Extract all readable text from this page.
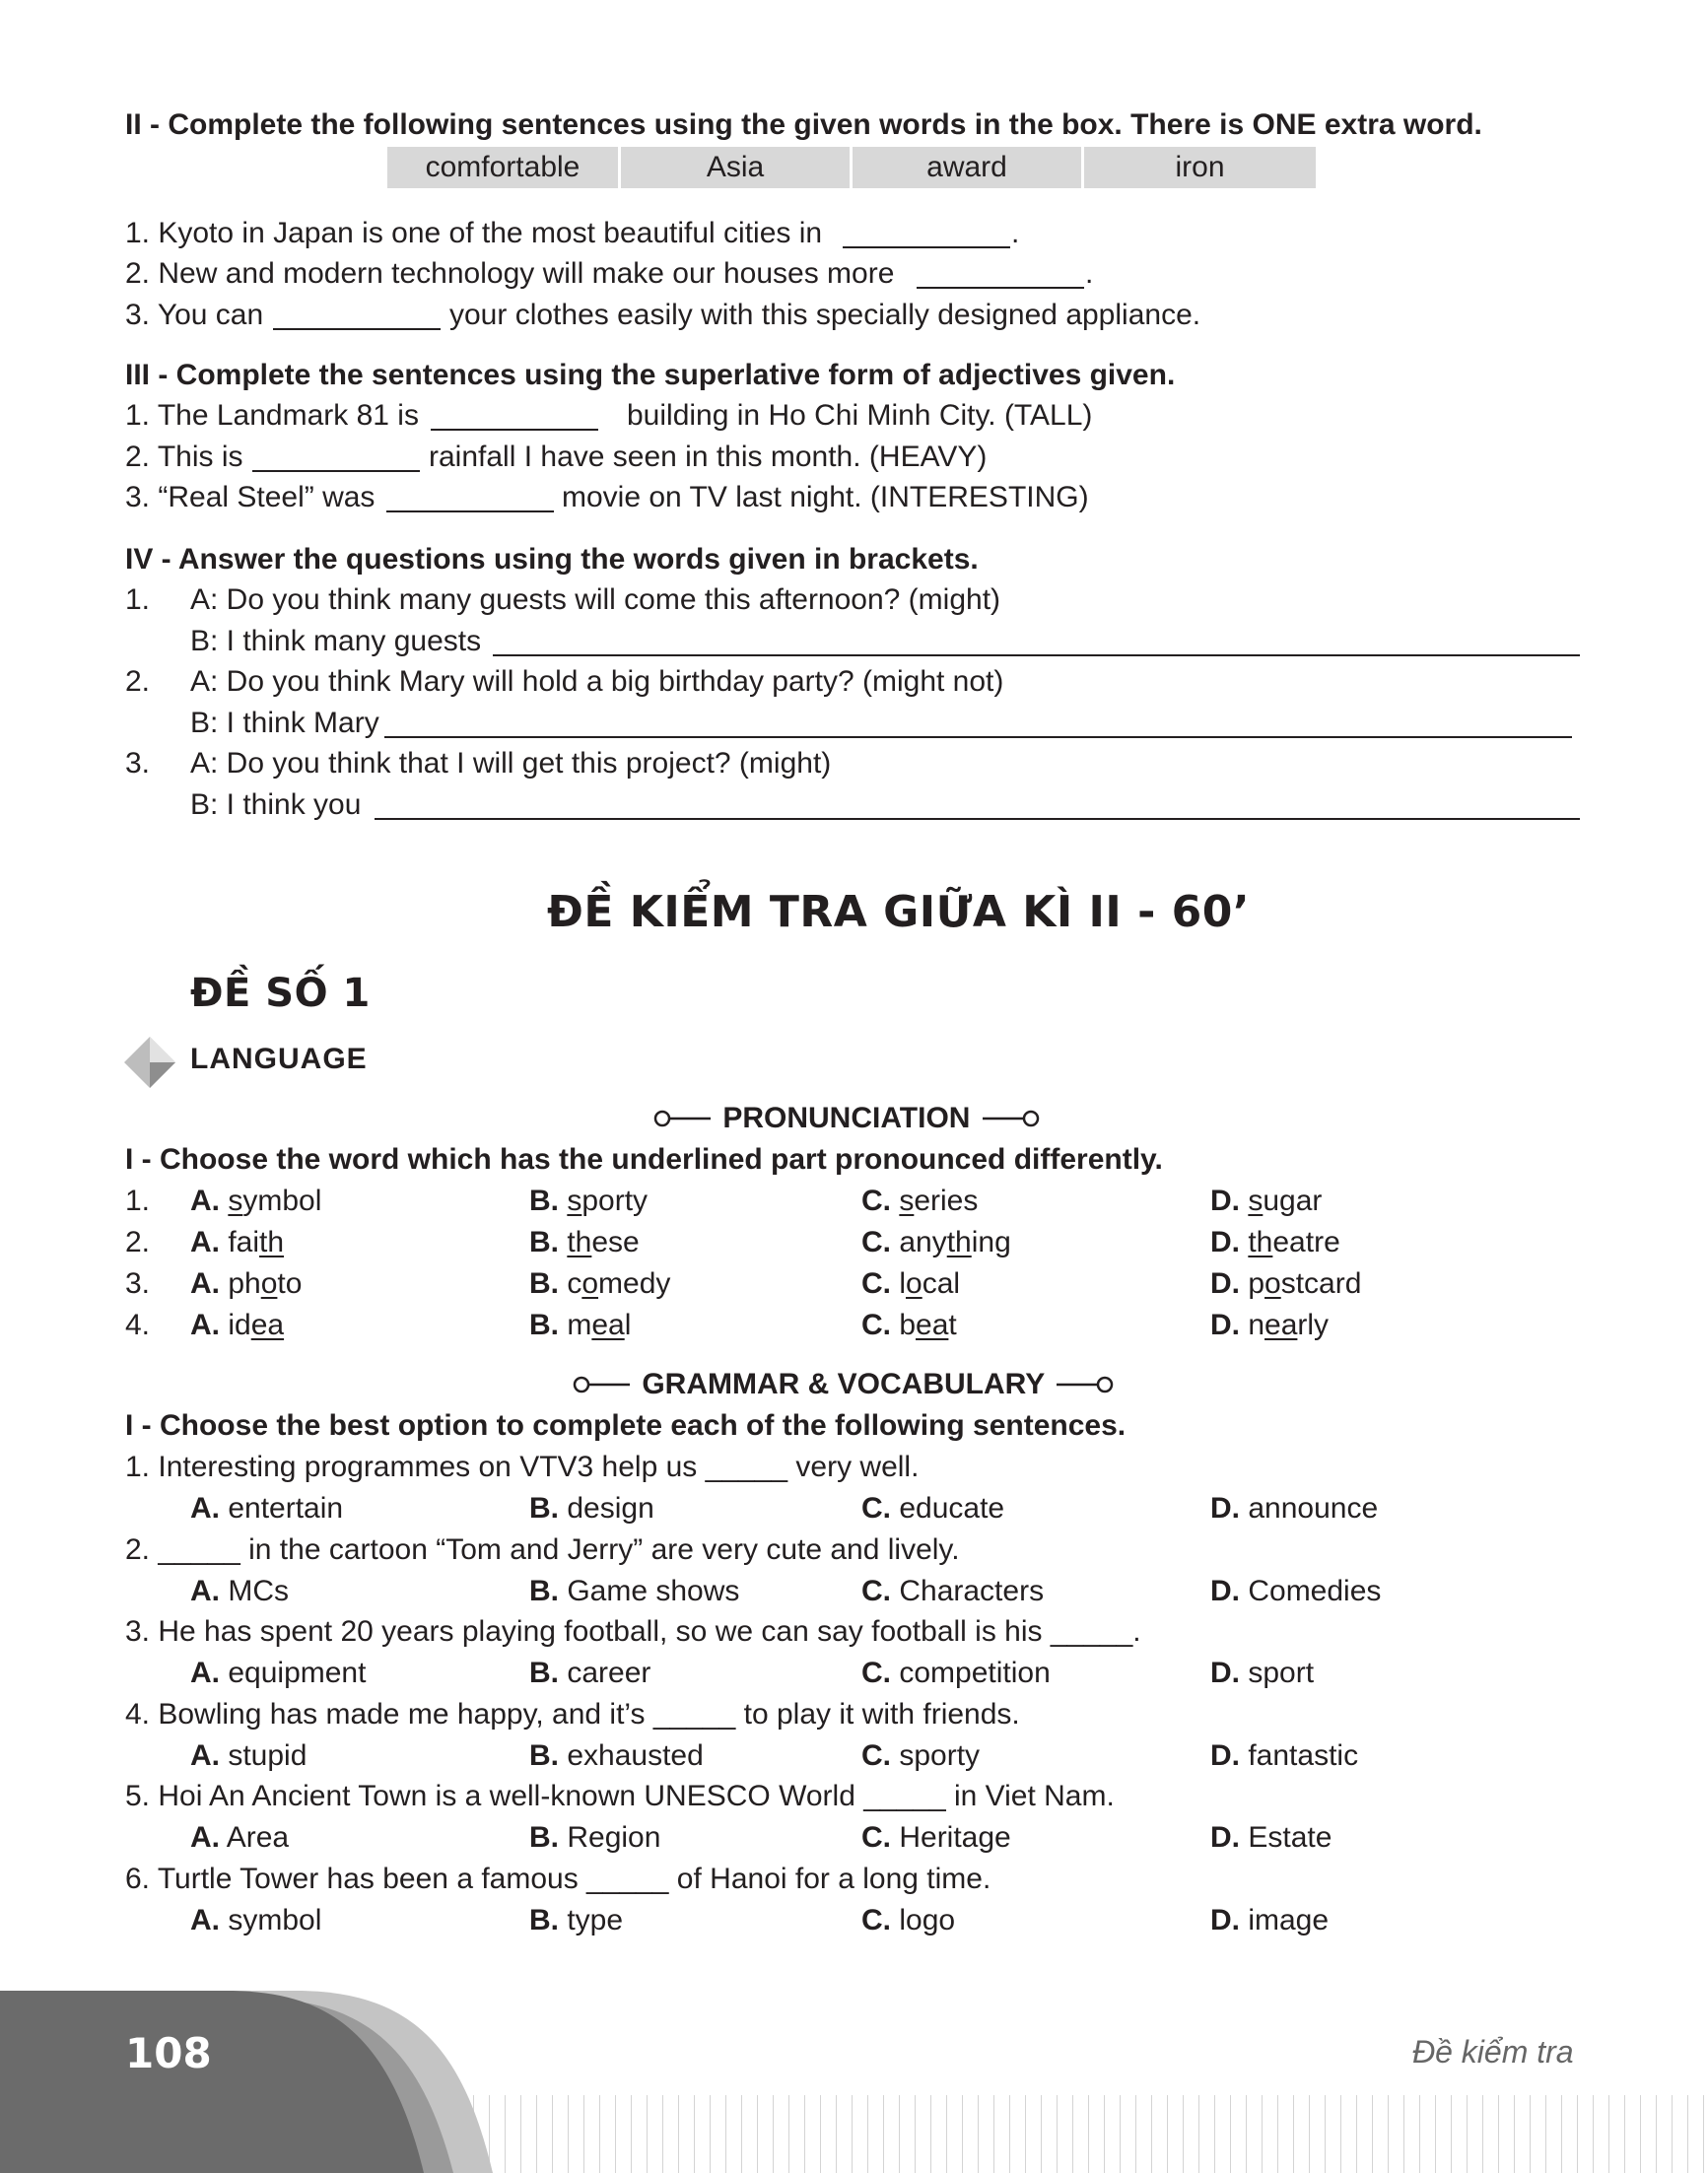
II - Complete the following sentences using the given words in the box. There is ONE extra word.
comfortable	Asia	award	iron
1. Kyoto in Japan is one of the most beautiful cities in	.
2. New and modern technology will make our houses more	.
3. You can	your clothes easily with this specially designed appliance.
III - Complete the sentences using the superlative form of adjectives given.
1. The Landmark 81 is	building in Ho Chi Minh City. (TALL)
2. This is	rainfall I have seen in this month. (HEAVY)
3. “Real Steel” was	movie on TV last night. (INTERESTING)
IV - Answer the questions using the words given in brackets.
1. A: Do you think many guests will come this afternoon? (might)
B: I think many guests
2. A: Do you think Mary will hold a big birthday party? (might not)
B: I think Mary
3. A: Do you think that I will get this project? (might)
B: I think you
ĐỀ KIỂM TRA GIỮA KÌ II - 60’
ĐỀ SỐ 1
LANGUAGE
PRONUNCIATION
I - Choose the word which has the underlined part pronounced differently.
1. A. symbol	B. sporty	C. series	D. sugar
2. A. faith	B. these	C. anything	D. theatre
3. A. photo	B. comedy	C. local	D. postcard
4. A. idea	B. meal	C. beat	D. nearly
GRAMMAR & VOCABULARY
I - Choose the best option to complete each of the following sentences.
1. Interesting programmes on VTV3 help us _____ very well.
A. entertain	B. design	C. educate	D. announce
2. _____ in the cartoon “Tom and Jerry” are very cute and lively.
A. MCs	B. Game shows	C. Characters	D. Comedies
3. He has spent 20 years playing football, so we can say football is his _____.
A. equipment	B. career	C. competition	D. sport
4. Bowling has made me happy, and it’s _____ to play it with friends.
A. stupid	B. exhausted	C. sporty	D. fantastic
5. Hoi An Ancient Town is a well-known UNESCO World _____ in Viet Nam.
A. Area	B. Region	C. Heritage	D. Estate
6. Turtle Tower has been a famous _____ of Hanoi for a long time.
A. symbol	B. type	C. logo	D. image
108	Đề kiểm tra
